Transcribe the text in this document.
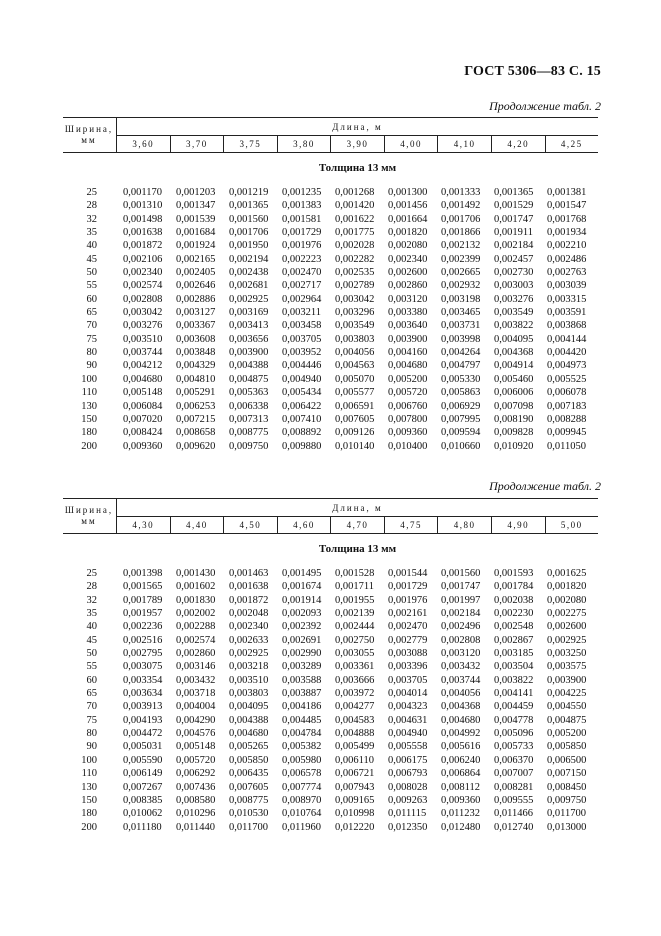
ГОСТ 5306—83 С. 15
Продолжение табл. 2
Ширина,
мм
Длина, м
3,60	3,70	3,75	3,80	3,90	4,00	4,10	4,20	4,25
Толщина 13 мм
25 0,001170	0,001203	0,001219	0,001235	0,001268	0,001300	0,001333	0,001365	0,001381
28 0,001310	0,001347	0,001365	0,001383	0,001420	0,001456	0,001492	0,001529	0,001547
32 0,001498	0,001539	0,001560	0,001581	0,001622	0,001664	0,001706	0,001747	0,001768
35 0,001638	0,001684	0,001706	0,001729	0,001775	0,001820	0,001866	0,001911	0,001934
40 0,001872	0,001924	0,001950	0,001976	0,002028	0,002080	0,002132	0,002184	0,002210
45 0,002106	0,002165	0,002194	0,002223	0,002282	0,002340	0,002399	0,002457	0,002486
50 0,002340	0,002405	0,002438	0,002470	0,002535	0,002600	0,002665	0,002730	0,002763
55 0,002574	0,002646	0,002681	0,002717	0,002789	0,002860	0,002932	0,003003	0,003039
60 0,002808	0,002886	0,002925	0,002964	0,003042	0,003120	0,003198	0,003276	0,003315
65 0,003042	0,003127	0,003169	0,003211	0,003296	0,003380	0,003465	0,003549	0,003591
70 0,003276	0,003367	0,003413	0,003458	0,003549	0,003640	0,003731	0,003822	0,003868
75 0,003510	0,003608	0,003656	0,003705	0,003803	0,003900	0,003998	0,004095	0,004144
80 0,003744	0,003848	0,003900	0,003952	0,004056	0,004160	0,004264	0,004368	0,004420
90 0,004212	0,004329	0,004388	0,004446	0,004563	0,004680	0,004797	0,004914	0,004973
100 0,004680	0,004810	0,004875	0,004940	0,005070	0,005200	0,005330	0,005460	0,005525
110 0,005148	0,005291	0,005363	0,005434	0,005577	0,005720	0,005863	0,006006	0,006078
130 0,006084	0,006253	0,006338	0,006422	0,006591	0,006760	0,006929	0,007098	0,007183
150 0,007020	0,007215	0,007313	0,007410	0,007605	0,007800	0,007995	0,008190	0,008288
180 0,008424	0,008658	0,008775	0,008892	0,009126	0,009360	0,009594	0,009828	0,009945
200 0,009360	0,009620	0,009750	0,009880	0,010140	0,010400	0,010660	0,010920	0,011050
Продолжение табл. 2
Ширина,
мм
Длина, м
4,30	4,40	4,50	4,60	4,70	4,75	4,80	4,90	5,00
Толщина 13 мм
25 0,001398	0,001430	0,001463	0,001495	0,001528	0,001544	0,001560	0,001593	0,001625
28 0,001565	0,001602	0,001638	0,001674	0,001711	0,001729	0,001747	0,001784	0,001820
32 0,001789	0,001830	0,001872	0,001914	0,001955	0,001976	0,001997	0,002038	0,002080
35 0,001957	0,002002	0,002048	0,002093	0,002139	0,002161	0,002184	0,002230	0,002275
40 0,002236	0,002288	0,002340	0,002392	0,002444	0,002470	0,002496	0,002548	0,002600
45 0,002516	0,002574	0,002633	0,002691	0,002750	0,002779	0,002808	0,002867	0,002925
50 0,002795	0,002860	0,002925	0,002990	0,003055	0,003088	0,003120	0,003185	0,003250
55 0,003075	0,003146	0,003218	0,003289	0,003361	0,003396	0,003432	0,003504	0,003575
60 0,003354	0,003432	0,003510	0,003588	0,003666	0,003705	0,003744	0,003822	0,003900
65 0,003634	0,003718	0,003803	0,003887	0,003972	0,004014	0,004056	0,004141	0,004225
70 0,003913	0,004004	0,004095	0,004186	0,004277	0,004323	0,004368	0,004459	0,004550
75 0,004193	0,004290	0,004388	0,004485	0,004583	0,004631	0,004680	0,004778	0,004875
80 0,004472	0,004576	0,004680	0,004784	0,004888	0,004940	0,004992	0,005096	0,005200
90 0,005031	0,005148	0,005265	0,005382	0,005499	0,005558	0,005616	0,005733	0,005850
100 0,005590	0,005720	0,005850	0,005980	0,006110	0,006175	0,006240	0,006370	0,006500
110 0,006149	0,006292	0,006435	0,006578	0,006721	0,006793	0,006864	0,007007	0,007150
130 0,007267	0,007436	0,007605	0,007774	0,007943	0,008028	0,008112	0,008281	0,008450
150 0,008385	0,008580	0,008775	0,008970	0,009165	0,009263	0,009360	0,009555	0,009750
180 0,010062	0,010296	0,010530	0,010764	0,010998	0,011115	0,011232	0,011466	0,011700
200 0,011180	0,011440	0,011700	0,011960	0,012220	0,012350	0,012480	0,012740	0,013000
